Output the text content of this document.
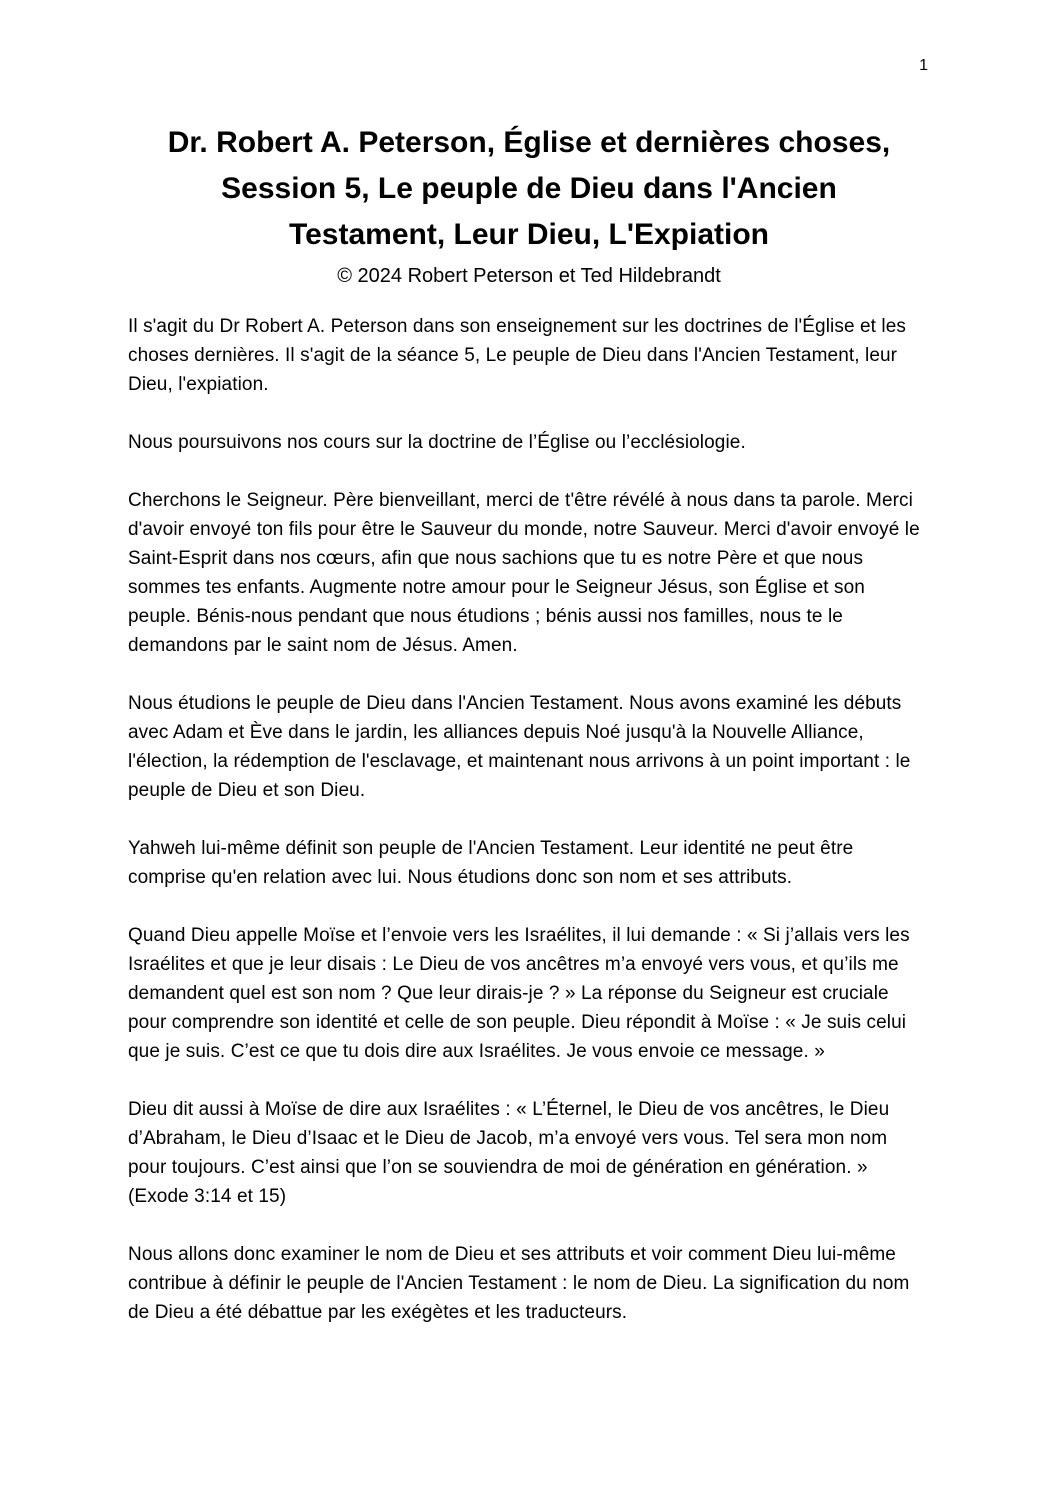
1
Dr. Robert A. Peterson, Église et dernières choses,
Session 5, Le peuple de Dieu dans l'Ancien
Testament, Leur Dieu, L'Expiation
© 2024 Robert Peterson et Ted Hildebrandt

Il s'agit du Dr Robert A. Peterson dans son enseignement sur les doctrines de l'Église et les choses dernières. Il s'agit de la séance 5, Le peuple de Dieu dans l'Ancien Testament, leur Dieu, l'expiation.

Nous poursuivons nos cours sur la doctrine de l’Église ou l’ecclésiologie.

Cherchons le Seigneur. Père bienveillant, merci de t'être révélé à nous dans ta parole. Merci d'avoir envoyé ton fils pour être le Sauveur du monde, notre Sauveur. Merci d'avoir envoyé le Saint-Esprit dans nos cœurs, afin que nous sachions que tu es notre Père et que nous sommes tes enfants. Augmente notre amour pour le Seigneur Jésus, son Église et son peuple. Bénis-nous pendant que nous étudions ; bénis aussi nos familles, nous te le demandons par le saint nom de Jésus. Amen.

Nous étudions le peuple de Dieu dans l'Ancien Testament. Nous avons examiné les débuts avec Adam et Ève dans le jardin, les alliances depuis Noé jusqu'à la Nouvelle Alliance, l'élection, la rédemption de l'esclavage, et maintenant nous arrivons à un point important : le peuple de Dieu et son Dieu.

Yahweh lui-même définit son peuple de l'Ancien Testament. Leur identité ne peut être comprise qu'en relation avec lui. Nous étudions donc son nom et ses attributs.

Quand Dieu appelle Moïse et l’envoie vers les Israélites, il lui demande : « Si j’allais vers les Israélites et que je leur disais : Le Dieu de vos ancêtres m’a envoyé vers vous, et qu’ils me demandent quel est son nom ? Que leur dirais-je ? » La réponse du Seigneur est cruciale pour comprendre son identité et celle de son peuple. Dieu répondit à Moïse : « Je suis celui que je suis. C’est ce que tu dois dire aux Israélites. Je vous envoie ce message. »

Dieu dit aussi à Moïse de dire aux Israélites : « L’Éternel, le Dieu de vos ancêtres, le Dieu d’Abraham, le Dieu d’Isaac et le Dieu de Jacob, m’a envoyé vers vous. Tel sera mon nom pour toujours. C’est ainsi que l’on se souviendra de moi de génération en génération. » (Exode 3:14 et 15)

Nous allons donc examiner le nom de Dieu et ses attributs et voir comment Dieu lui-même contribue à définir le peuple de l'Ancien Testament : le nom de Dieu. La signification du nom de Dieu a été débattue par les exégètes et les traducteurs.
